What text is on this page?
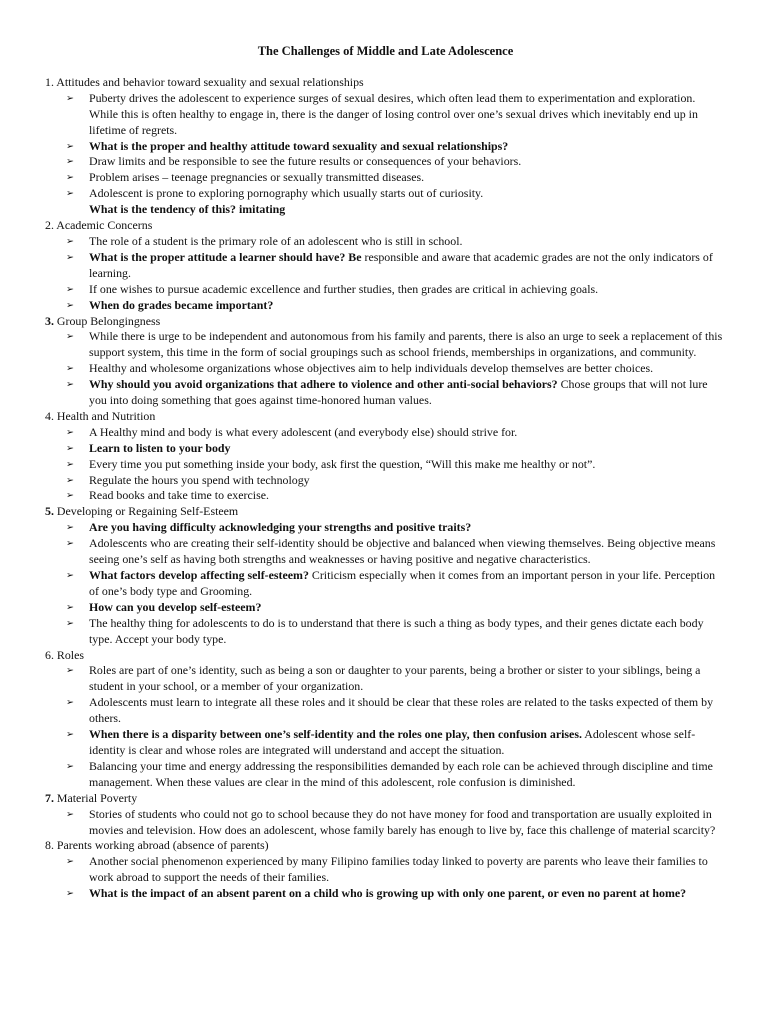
The Challenges of Middle and Late Adolescence
1. Attitudes and behavior toward sexuality and sexual relationships
➢ Puberty drives the adolescent to experience surges of sexual desires, which often lead them to experimentation and exploration. While this is often healthy to engage in, there is the danger of losing control over one’s sexual drives which inevitably end up in lifetime of regrets.
➢ What is the proper and healthy attitude toward sexuality and sexual relationships?
➢ Draw limits and be responsible to see the future results or consequences of your behaviors.
➢ Problem arises – teenage pregnancies or sexually transmitted diseases.
➢ Adolescent is prone to exploring pornography which usually starts out of curiosity.
What is the tendency of this? imitating
2. Academic Concerns
➢ The role of a student is the primary role of an adolescent who is still in school.
➢ What is the proper attitude a learner should have? Be responsible and aware that academic grades are not the only indicators of learning.
➢ If one wishes to pursue academic excellence and further studies, then grades are critical in achieving goals.
➢ When do grades became important?
3. Group Belongingness
➢ While there is urge to be independent and autonomous from his family and parents, there is also an urge to seek a replacement of this support system, this time in the form of social groupings such as school friends, memberships in organizations, and community.
➢ Healthy and wholesome organizations whose objectives aim to help individuals develop themselves are better choices.
➢ Why should you avoid organizations that adhere to violence and other anti-social behaviors? Chose groups that will not lure you into doing something that goes against time-honored human values.
4. Health and Nutrition
➢ A Healthy mind and body is what every adolescent (and everybody else) should strive for.
➢ Learn to listen to your body
➢ Every time you put something inside your body, ask first the question, “Will this make me healthy or not”.
➢ Regulate the hours you spend with technology
➢ Read books and take time to exercise.
5. Developing or Regaining Self-Esteem
➢ Are you having difficulty acknowledging your strengths and positive traits?
➢ Adolescents who are creating their self-identity should be objective and balanced when viewing themselves. Being objective means seeing one’s self as having both strengths and weaknesses or having positive and negative characteristics.
➢ What factors develop affecting self-esteem? Criticism especially when it comes from an important person in your life. Perception of one’s body type and Grooming.
➢ How can you develop self-esteem?
➢ The healthy thing for adolescents to do is to understand that there is such a thing as body types, and their genes dictate each body type. Accept your body type.
6. Roles
➢ Roles are part of one’s identity, such as being a son or daughter to your parents, being a brother or sister to your siblings, being a student in your school, or a member of your organization.
➢ Adolescents must learn to integrate all these roles and it should be clear that these roles are related to the tasks expected of them by others.
➢ When there is a disparity between one’s self-identity and the roles one play, then confusion arises. Adolescent whose self-identity is clear and whose roles are integrated will understand and accept the situation.
➢ Balancing your time and energy addressing the responsibilities demanded by each role can be achieved through discipline and time management. When these values are clear in the mind of this adolescent, role confusion is diminished.
7. Material Poverty
➢ Stories of students who could not go to school because they do not have money for food and transportation are usually exploited in movies and television. How does an adolescent, whose family barely has enough to live by, face this challenge of material scarcity?
8. Parents working abroad (absence of parents)
➢ Another social phenomenon experienced by many Filipino families today linked to poverty are parents who leave their families to work abroad to support the needs of their families.
➢ What is the impact of an absent parent on a child who is growing up with only one parent, or even no parent at home?
